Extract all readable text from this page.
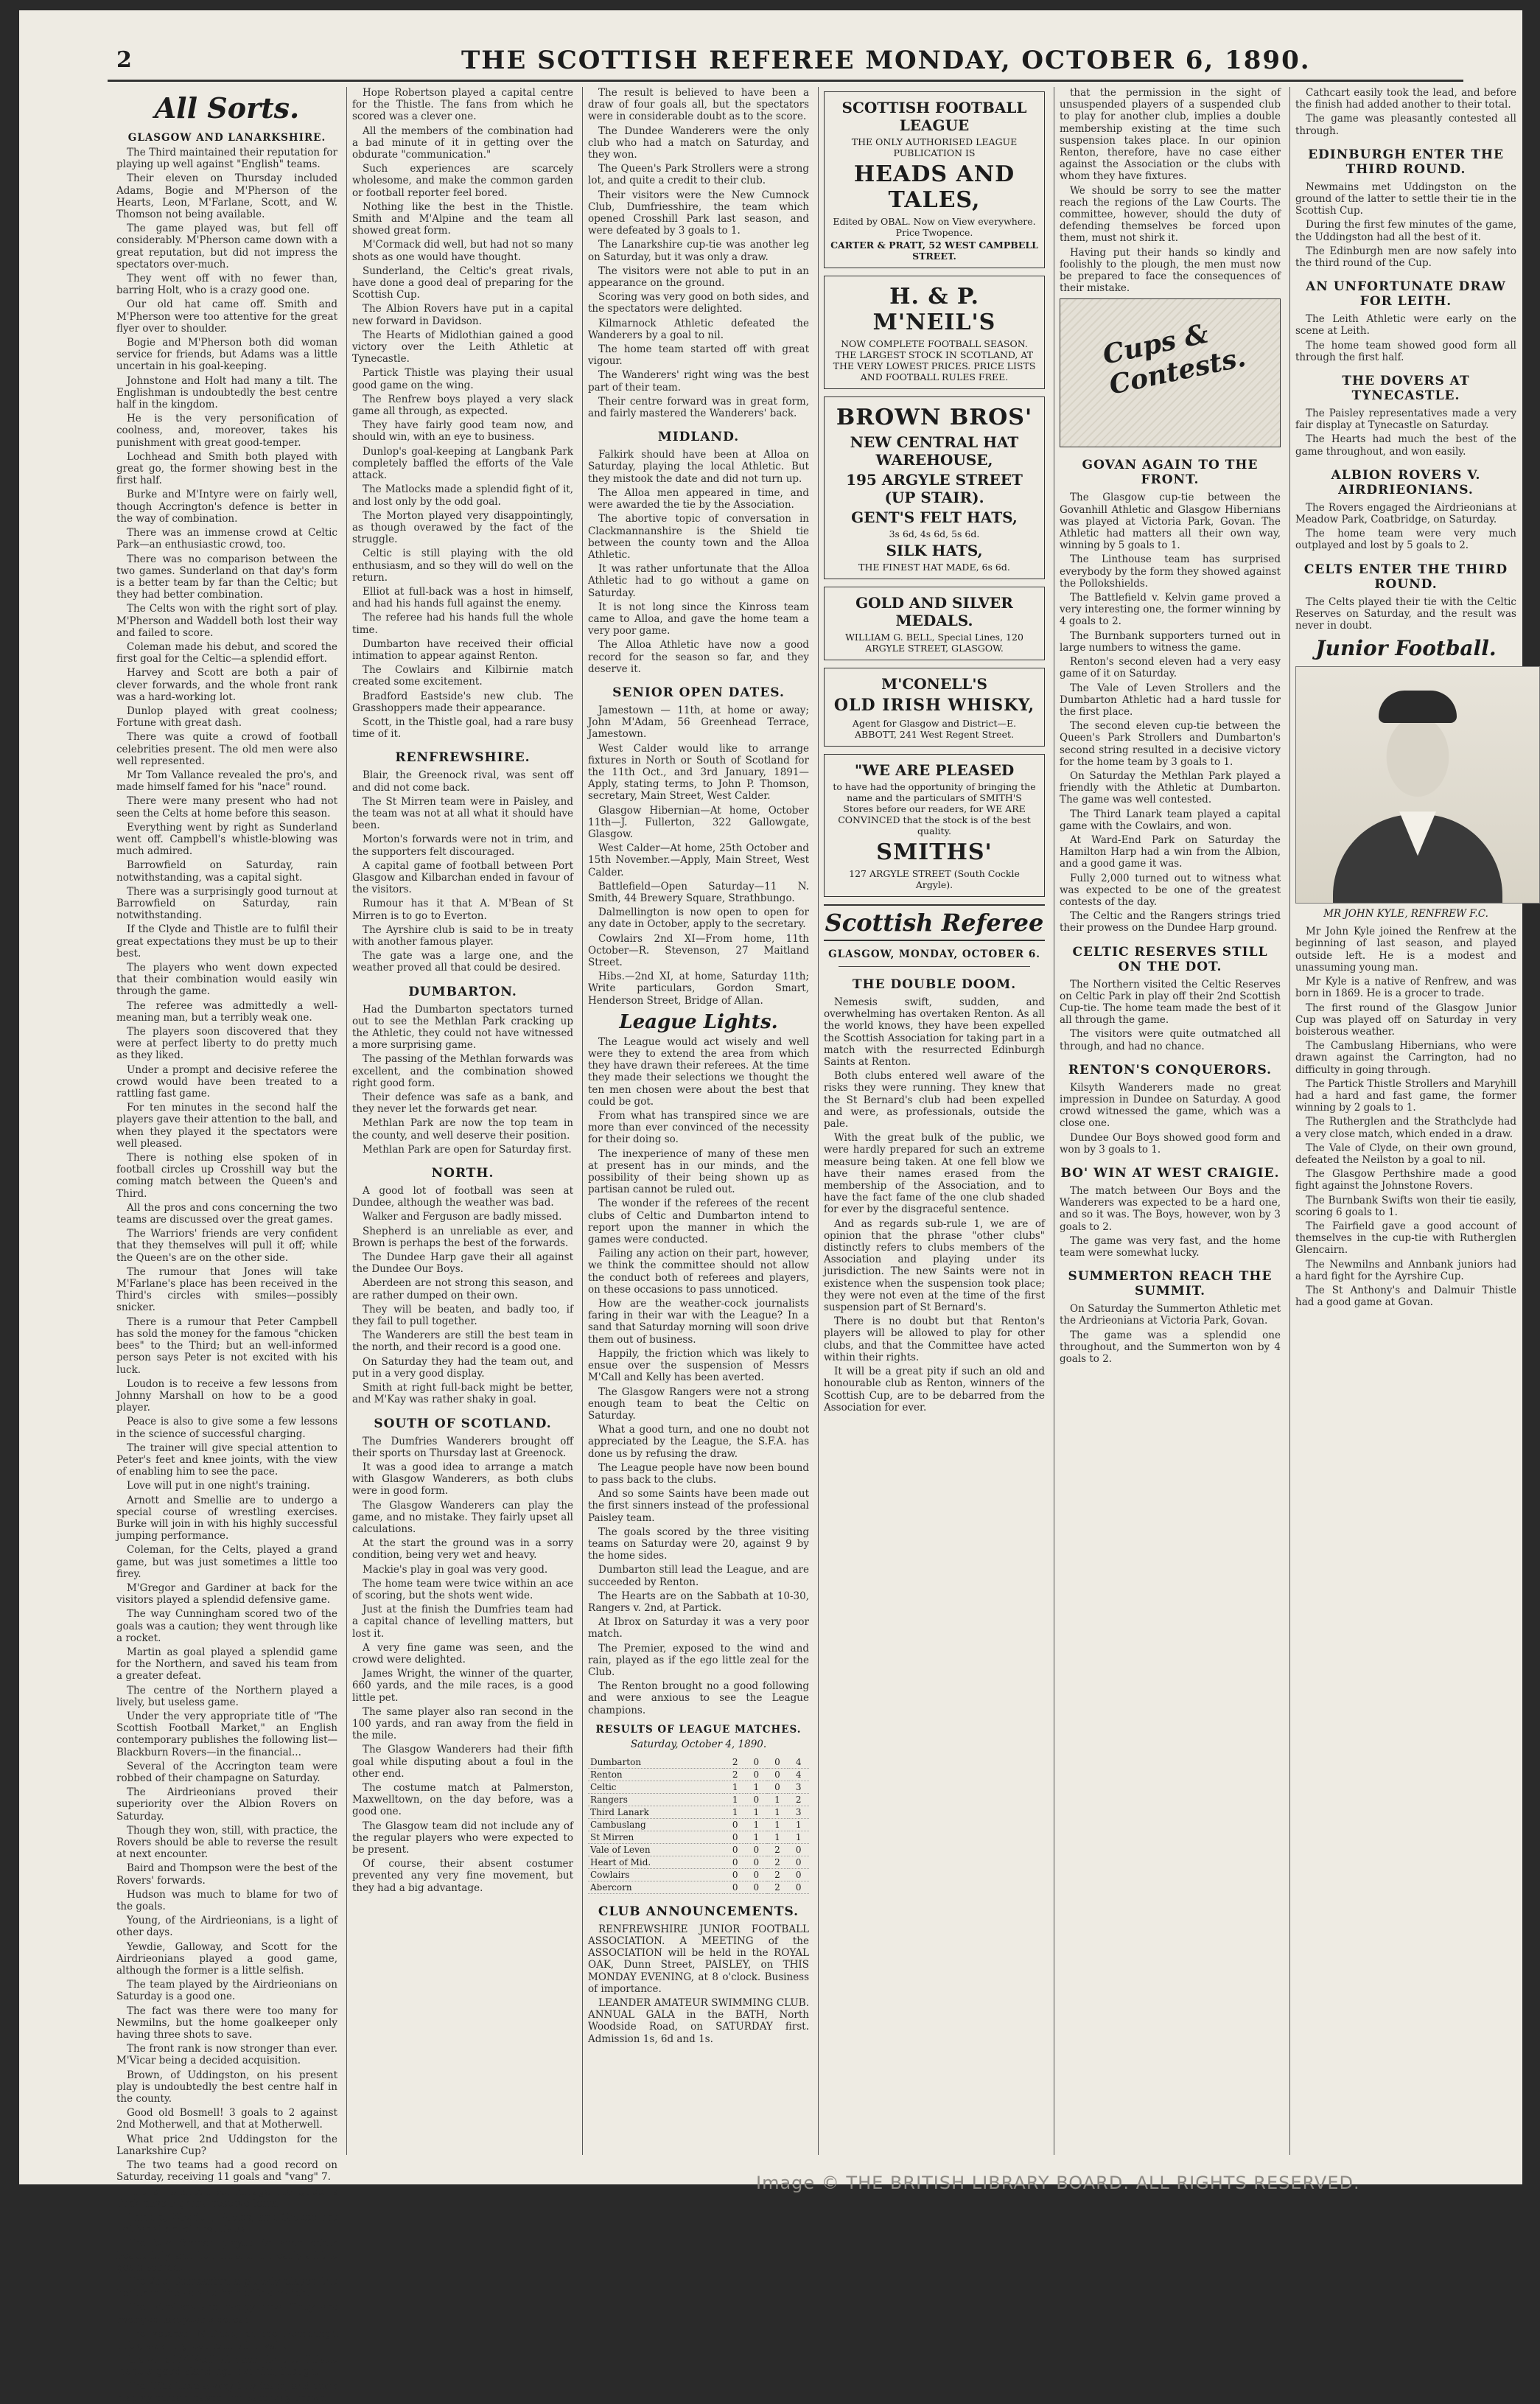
2	THE SCOTTISH REFEREE MONDAY, OCTOBER 6, 1890.
All Sorts.
GLASGOW AND LANARKSHIRE.

The Third maintained their reputation for playing up well against "English" teams.

Their eleven on Thursday included Adams, Bogie and M'Pherson of the Hearts, Leon, M'Farlane, Scott, and W. Thomson not being available.

The game played was, but fell off considerably. M'Pherson came down with a great reputation, but did not impress the spectators over-much.

They went off with no fewer than, barring Holt, who is a crazy good one.

Our old hat came off. Smith and M'Pherson were too attentive for the great flyer over to shoulder.

Bogie and M'Pherson both did woman service for friends, but Adams was a little uncertain in his goal-keeping.

Johnstone and Holt had many a tilt. The Englishman is undoubtedly the best centre half in the kingdom.

He is the very personification of coolness, and, moreover, takes his punishment with great good-temper.

Lochhead and Smith both played with great go, the former showing best in the first half.

Burke and M'Intyre were on fairly well, though Accrington's defence is better in the way of combination.

There was an immense crowd at Celtic Park—an enthusiastic crowd, too.

There was no comparison between the two games. Sunderland on that day's form is a better team by far than the Celtic; but they had better combination.

The Celts won with the right sort of play. M'Pherson and Waddell both lost their way and failed to score.

Coleman made his debut, and scored the first goal for the Celtic—a splendid effort.

Harvey and Scott are both a pair of clever forwards, and the whole front rank was a hard-working lot.

Dunlop played with great coolness; Fortune with great dash.

There was quite a crowd of football celebrities present. The old men were also well represented.

Mr Tom Vallance revealed the pro's, and made himself famed for his "nace" round.

There were many present who had not seen the Celts at home before this season.

Everything went by right as Sunderland went off. Campbell's whistle-blowing was much admired.

Barrowfield on Saturday, rain notwithstanding, was a capital sight.

There was a surprisingly good turnout at Barrowfield on Saturday, rain notwithstanding.

If the Clyde and Thistle are to fulfil their great expectations they must be up to their best.

The players who went down expected that their combination would easily win through the game.

The referee was admittedly a well-meaning man, but a terribly weak one.

The players soon discovered that they were at perfect liberty to do pretty much as they liked.

Under a prompt and decisive referee the crowd would have been treated to a rattling fast game.

For ten minutes in the second half the players gave their attention to the ball, and when they played it the spectators were well pleased.

There is nothing else spoken of in football circles up Crosshill way but the coming match between the Queen's and Third.

All the pros and cons concerning the two teams are discussed over the great games.

The Warriors' friends are very confident that they themselves will pull it off; while the Queen's are on the other side.

The rumour that Jones will take M'Farlane's place has been received in the Third's circles with smiles—possibly snicker.

There is a rumour that Peter Campbell has sold the money for the famous "chicken bees" to the Third; but an well-informed person says Peter is not excited with his luck.

Loudon is to receive a few lessons from Johnny Marshall on how to be a good player.

Peace is also to give some a few lessons in the science of successful charging.

The trainer will give special attention to Peter's feet and knee joints, with the view of enabling him to see the pace.

Love will put in one night's training.

Arnott and Smellie are to undergo a special course of wrestling exercises. Burke will join in with his highly successful jumping performance.

Coleman, for the Celts, played a grand game, but was just sometimes a little too firey.

M'Gregor and Gardiner at back for the visitors played a splendid defensive game.

The way Cunningham scored two of the goals was a caution; they went through like a rocket.

Martin as goal played a splendid game for the Northern, and saved his team from a greater defeat.

The centre of the Northern played a lively, but useless game.

Under the very appropriate title of "The Scottish Football Market," an English contemporary publishes the following list—Blackburn Rovers—in the financial...

Several of the Accrington team were robbed of their champagne on Saturday.

The Airdrieonians proved their superiority over the Albion Rovers on Saturday.

Though they won, still, with practice, the Rovers should be able to reverse the result at next encounter.

Baird and Thompson were the best of the Rovers' forwards.

Hudson was much to blame for two of the goals.

Young, of the Airdrieonians, is a light of other days.

Yewdie, Galloway, and Scott for the Airdrieonians played a good game, although the former is a little selfish.

The team played by the Airdrieonians on Saturday is a good one.

The fact was there were too many for Newmilns, but the home goalkeeper only having three shots to save.

The front rank is now stronger than ever. M'Vicar being a decided acquisition.

Brown, of Uddingston, on his present play is undoubtedly the best centre half in the county.

Good old Bosmell! 3 goals to 2 against 2nd Motherwell, and that at Motherwell.

What price 2nd Uddingston for the Lanarkshire Cup?

The two teams had a good record on Saturday, receiving 11 goals and "vang" 7.

In the Hamilton scrimmage the Queen's Park have a grand reserve team.

Lambie, Waddell, Eccles, and Crodes are not far short of first class.

The two former played to each other beautifully, and had a hand in nearly all the goals scored.

The 2nd Dumbarton a pluckly played the better in the second half of the match.

The Strollers are happy now. They are avenged last year's defeat.

The veteran M'Ghee, of the Edinburgh Hibs, was in great form at "rival".

Brown of M'Neill at back for the Thistle made a good stand against him, though.

The Hibs have a very tidy team, and their display quite pleased the Saturday crowd.

Hope Robertson played a capital centre for the Thistle. The fans from which he scored was a clever one.

All the members of the combination had a bad minute of it in getting over the obdurate "communication."

Such experiences are scarcely wholesome, and make the common garden or football reporter feel bored.

Nothing like the best in the Thistle. Smith and M'Alpine and the team all showed great form.

M'Cormack did well, but had not so many shots as one would have thought.

Sunderland, the Celtic's great rivals, have done a good deal of preparing for the Scottish Cup.

The Albion Rovers have put in a capital new forward in Davidson.

The Hearts of Midlothian gained a good victory over the Leith Athletic at Tynecastle.

Partick Thistle was playing their usual good game on the wing.

The Renfrew boys played a very slack game all through, as expected.

They have fairly good team now, and should win, with an eye to business.

Dunlop's goal-keeping at Langbank Park completely baffled the efforts of the Vale attack.

The Matlocks made a splendid fight of it, and lost only by the odd goal.

The Morton played very disappointingly, as though overawed by the fact of the struggle.

Celtic is still playing with the old enthusiasm, and so they will do well on the return.

Elliot at full-back was a host in himself, and had his hands full against the enemy.

The referee had his hands full the whole time.

Dumbarton have received their official intimation to appear against Renton.

The Cowlairs and Kilbirnie match created some excitement.

Bradford Eastside's new club. The Grasshoppers made their appearance.

Scott, in the Thistle goal, had a rare busy time of it.

RENFREWSHIRE.

Blair, the Greenock rival, was sent off and did not come back.

The St Mirren team were in Paisley, and the team was not at all what it should have been.

Morton's forwards were not in trim, and the supporters felt discouraged.

A capital game of football between Port Glasgow and Kilbarchan ended in favour of the visitors.

Rumour has it that A. M'Bean of St Mirren is to go to Everton.

The Ayrshire club is said to be in treaty with another famous player.

The gate was a large one, and the weather proved all that could be desired.

DUMBARTON.

Had the Dumbarton spectators turned out to see the Methlan Park cracking up the Athletic, they could not have witnessed a more surprising game.

The passing of the Methlan forwards was excellent, and the combination showed right good form.

Their defence was safe as a bank, and they never let the forwards get near.

Methlan Park are now the top team in the county, and well deserve their position.

Methlan Park are open for Saturday first.

NORTH.

A good lot of football was seen at Dundee, although the weather was bad.

Walker and Ferguson are badly missed.

Shepherd is an unreliable as ever, and Brown is perhaps the best of the forwards.

The Dundee Harp gave their all against the Dundee Our Boys.

Aberdeen are not strong this season, and are rather dumped on their own.

They will be beaten, and badly too, if they fail to pull together.

The Wanderers are still the best team in the north, and their record is a good one.

On Saturday they had the team out, and put in a very good display.

Smith at right full-back might be better, and M'Kay was rather shaky in goal.

SOUTH OF SCOTLAND.

The Dumfries Wanderers brought off their sports on Thursday last at Greenock.

It was a good idea to arrange a match with Glasgow Wanderers, as both clubs were in good form.

The Glasgow Wanderers can play the game, and no mistake. They fairly upset all calculations.

At the start the ground was in a sorry condition, being very wet and heavy.

Mackie's play in goal was very good.

The home team were twice within an ace of scoring, but the shots went wide.

Just at the finish the Dumfries team had a capital chance of levelling matters, but lost it.

A very fine game was seen, and the crowd were delighted.

James Wright, the winner of the quarter, 660 yards, and the mile races, is a good little pet.

The same player also ran second in the 100 yards, and ran away from the field in the mile.

The Glasgow Wanderers had their fifth goal while disputing about a foul in the other end.

The costume match at Palmerston, Maxwelltown, on the day before, was a good one.

The Glasgow team did not include any of the regular players who were expected to be present.

Of course, their absent costumer prevented any very fine movement, but they had a big advantage.

The result is believed to have been a draw of four goals all, but the spectators were in considerable doubt as to the score.

The Dundee Wanderers were the only club who had a match on Saturday, and they won.

The Queen's Park Strollers were a strong lot, and quite a credit to their club.

Their visitors were the New Cumnock Club, Dumfriesshire, the team which opened Crosshill Park last season, and were defeated by 3 goals to 1.

The Lanarkshire cup-tie was another leg on Saturday, but it was only a draw.

The visitors were not able to put in an appearance on the ground.

Scoring was very good on both sides, and the spectators were delighted.

Kilmarnock Athletic defeated the Wanderers by a goal to nil.

The home team started off with great vigour.

The Wanderers' right wing was the best part of their team.

Their centre forward was in great form, and fairly mastered the Wanderers' back.

MIDLAND.

Falkirk should have been at Alloa on Saturday, playing the local Athletic. But they mistook the date and did not turn up.

The Alloa men appeared in time, and were awarded the tie by the Association.

The abortive topic of conversation in Clackmannanshire is the Shield tie between the county town and the Alloa Athletic.

It was rather unfortunate that the Alloa Athletic had to go without a game on Saturday.

It is not long since the Kinross team came to Alloa, and gave the home team a very poor game.

The Alloa Athletic have now a good record for the season so far, and they deserve it.

SENIOR OPEN DATES.

Jamestown — 11th, at home or away; John M'Adam, 56 Greenhead Terrace, Jamestown.

West Calder would like to arrange fixtures in North or South of Scotland for the 11th Oct., and 3rd January, 1891—Apply, stating terms, to John P. Thomson, secretary, Main Street, West Calder.

Glasgow Hibernian—At home, October 11th—J. Fullerton, 322 Gallowgate, Glasgow.

West Calder—At home, 25th October and 15th November.—Apply, Main Street, West Calder.

Battlefield—Open Saturday—11 N. Smith, 44 Brewery Square, Strathbungo.

Dalmellington is now open to open for any date in October, apply to the secretary.

Cowlairs 2nd XI—From home, 11th October—R. Stevenson, 27 Maitland Street.

Hibs.—2nd XI, at home, Saturday 11th; Write particulars, Gordon Smart, Henderson Street, Bridge of Allan.

League Lights.

The League would act wisely and well were they to extend the area from which they have drawn their referees. At the time they made their selections we thought the ten men chosen were about the best that could be got.

From what has transpired since we are more than ever convinced of the necessity for their doing so.

The inexperience of many of these men at present has in our minds, and the possibility of their being shown up as partisan cannot be ruled out.

The wonder if the referees of the recent clubs of Celtic and Dumbarton intend to report upon the manner in which the games were conducted.

Failing any action on their part, however, we think the committee should not allow the conduct both of referees and players, on these occasions to pass unnoticed.

How are the weather-cock journalists faring in their war with the League? In a sand that Saturday morning will soon drive them out of business.

Happily, the friction which was likely to ensue over the suspension of Messrs M'Call and Kelly has been averted.

The Glasgow Rangers were not a strong enough team to beat the Celtic on Saturday.

What a good turn, and one no doubt not appreciated by the League, the S.F.A. has done us by refusing the draw.

The League people have now been bound to pass back to the clubs.

And so some Saints have been made out the first sinners instead of the professional Paisley team.

The goals scored by the three visiting teams on Saturday were 20, against 9 by the home sides.

Dumbarton still lead the League, and are succeeded by Renton.

The Hearts are on the Sabbath at 10-30, Rangers v. 2nd, at Partick.

At Ibrox on Saturday it was a very poor match.

The Premier, exposed to the wind and rain, played as if the ego little zeal for the Club.

The Renton brought no a good following and were anxious to see the League champions.

RESULTS OF LEAGUE MATCHES.
Saturday, October 4, 1890.
Dumbarton	2	0	0	4
Renton	2	0	0	4
Celtic	1	1	0	3
Rangers	1	0	1	2
Third Lanark	1	1	1	3
Cambuslang	0	1	1	1
St Mirren	0	1	1	1
Vale of Leven	0	0	2	0
Heart of Mid.	0	0	2	0
Cowlairs	0	0	2	0
Abercorn	0	0	2	0
CLUB ANNOUNCEMENTS.

RENFREWSHIRE JUNIOR FOOTBALL ASSOCIATION. A MEETING of the ASSOCIATION will be held in the ROYAL OAK, Dunn Street, PAISLEY, on THIS MONDAY EVENING, at 8 o'clock. Business of importance.

LEANDER AMATEUR SWIMMING CLUB. ANNUAL GALA in the BATH, North Woodside Road, on SATURDAY first. Admission 1s, 6d and 1s.

SCOTTISH FOOTBALL LEAGUE
THE ONLY AUTHORISED LEAGUE PUBLICATION IS
HEADS AND TALES,
Edited by OBAL. Now on View everywhere. Price Twopence.
CARTER & PRATT, 52 WEST CAMPBELL STREET.
H. & P. M'NEIL'S
NOW COMPLETE FOOTBALL SEASON. THE LARGEST STOCK IN SCOTLAND, AT THE VERY LOWEST PRICES. PRICE LISTS AND FOOTBALL RULES FREE.
BROWN BROS'
NEW CENTRAL HAT WAREHOUSE,
195 ARGYLE STREET (UP STAIR).
GENT'S FELT HATS,
3s 6d, 4s 6d, 5s 6d.
SILK HATS,
THE FINEST HAT MADE, 6s 6d.
GOLD AND SILVER MEDALS.
WILLIAM G. BELL, Special Lines, 120 ARGYLE STREET, GLASGOW.
M'CONELL'S
OLD IRISH WHISKY,
Agent for Glasgow and District—E. ABBOTT, 241 West Regent Street.
"WE ARE PLEASED
to have had the opportunity of bringing the name and the particulars of SMITH'S Stores before our readers, for WE ARE CONVINCED that the stock is of the best quality.
SMITHS'
127 ARGYLE STREET (South Cockle Argyle).
Scottish Referee
GLASGOW, MONDAY, OCTOBER 6.
THE DOUBLE DOOM.

Nemesis swift, sudden, and overwhelming has overtaken Renton. As all the world knows, they have been expelled the Scottish Association for taking part in a match with the resurrected Edinburgh Saints at Renton.

Both clubs entered well aware of the risks they were running. They knew that the St Bernard's club had been expelled and were, as professionals, outside the pale.

With the great bulk of the public, we were hardly prepared for such an extreme measure being taken. At one fell blow we have their names erased from the membership of the Association, and to have the fact fame of the one club shaded for ever by the disgraceful sentence.

And as regards sub-rule 1, we are of opinion that the phrase "other clubs" distinctly refers to clubs members of the Association and playing under its jurisdiction. The new Saints were not in existence when the suspension took place; they were not even at the time of the first suspension part of St Bernard's.

There is no doubt but that Renton's players will be allowed to play for other clubs, and that the Committee have acted within their rights.

It will be a great pity if such an old and honourable club as Renton, winners of the Scottish Cup, are to be debarred from the Association for ever.

that the permission in the sight of unsuspended players of a suspended club to play for another club, implies a double membership existing at the time such suspension takes place. In our opinion Renton, therefore, have no case either against the Association or the clubs with whom they have fixtures.

We should be sorry to see the matter reach the regions of the Law Courts. The committee, however, should the duty of defending themselves be forced upon them, must not shirk it.

Having put their hands so kindly and foolishly to the plough, the men must now be prepared to face the consequences of their mistake.

Cups & Contests.
GOVAN AGAIN TO THE FRONT.

The Glasgow cup-tie between the Govanhill Athletic and Glasgow Hibernians was played at Victoria Park, Govan. The Athletic had matters all their own way, winning by 5 goals to 1.

The Linthouse team has surprised everybody by the form they showed against the Pollokshields.

The Battlefield v. Kelvin game proved a very interesting one, the former winning by 4 goals to 2.

The Burnbank supporters turned out in large numbers to witness the game.

Renton's second eleven had a very easy game of it on Saturday.

The Vale of Leven Strollers and the Dumbarton Athletic had a hard tussle for the first place.

The second eleven cup-tie between the Queen's Park Strollers and Dumbarton's second string resulted in a decisive victory for the home team by 3 goals to 1.

On Saturday the Methlan Park played a friendly with the Athletic at Dumbarton. The game was well contested.

The Third Lanark team played a capital game with the Cowlairs, and won.

At Ward-End Park on Saturday the Hamilton Harp had a win from the Albion, and a good game it was.

Fully 2,000 turned out to witness what was expected to be one of the greatest contests of the day.

The Celtic and the Rangers strings tried their prowess on the Dundee Harp ground.

CELTIC RESERVES STILL ON THE DOT.

The Northern visited the Celtic Reserves on Celtic Park in play off their 2nd Scottish Cup-tie. The home team made the best of it all through the game.

The visitors were quite outmatched all through, and had no chance.

RENTON'S CONQUERORS.

Kilsyth Wanderers made no great impression in Dundee on Saturday. A good crowd witnessed the game, which was a close one.

Dundee Our Boys showed good form and won by 3 goals to 1.

BO' WIN AT WEST CRAIGIE.

The match between Our Boys and the Wanderers was expected to be a hard one, and so it was. The Boys, however, won by 3 goals to 2.

The game was very fast, and the home team were somewhat lucky.

SUMMERTON REACH THE SUMMIT.

On Saturday the Summerton Athletic met the Ardrieonians at Victoria Park, Govan.

The game was a splendid one throughout, and the Summerton won by 4 goals to 2.

Cathcart easily took the lead, and before the finish had added another to their total.

The game was pleasantly contested all through.

EDINBURGH ENTER THE THIRD ROUND.

Newmains met Uddingston on the ground of the latter to settle their tie in the Scottish Cup.

During the first few minutes of the game, the Uddingston had all the best of it.

The Edinburgh men are now safely into the third round of the Cup.

AN UNFORTUNATE DRAW FOR LEITH.

The Leith Athletic were early on the scene at Leith.

The home team showed good form all through the first half.

THE DOVERS AT TYNECASTLE.

The Paisley representatives made a very fair display at Tynecastle on Saturday.

The Hearts had much the best of the game throughout, and won easily.

ALBION ROVERS V. AIRDRIEONIANS.

The Rovers engaged the Airdrieonians at Meadow Park, Coatbridge, on Saturday.

The home team were very much outplayed and lost by 5 goals to 2.

CELTS ENTER THE THIRD ROUND.

The Celts played their tie with the Celtic Reserves on Saturday, and the result was never in doubt.

Junior Football.
MR JOHN KYLE, RENFREW F.C.

Mr John Kyle joined the Renfrew at the beginning of last season, and played outside left. He is a modest and unassuming young man.

Mr Kyle is a native of Renfrew, and was born in 1869. He is a grocer to trade.

The first round of the Glasgow Junior Cup was played off on Saturday in very boisterous weather.

The Cambuslang Hibernians, who were drawn against the Carrington, had no difficulty in going through.

The Partick Thistle Strollers and Maryhill had a hard and fast game, the former winning by 2 goals to 1.

The Rutherglen and the Strathclyde had a very close match, which ended in a draw.

The Vale of Clyde, on their own ground, defeated the Neilston by a goal to nil.

The Glasgow Perthshire made a good fight against the Johnstone Rovers.

The Burnbank Swifts won their tie easily, scoring 6 goals to 1.

The Fairfield gave a good account of themselves in the cup-tie with Rutherglen Glencairn.

The Newmilns and Annbank juniors had a hard fight for the Ayrshire Cup.

The St Anthony's and Dalmuir Thistle had a good game at Govan.

Image © THE BRITISH LIBRARY BOARD. ALL RIGHTS RESERVED.
